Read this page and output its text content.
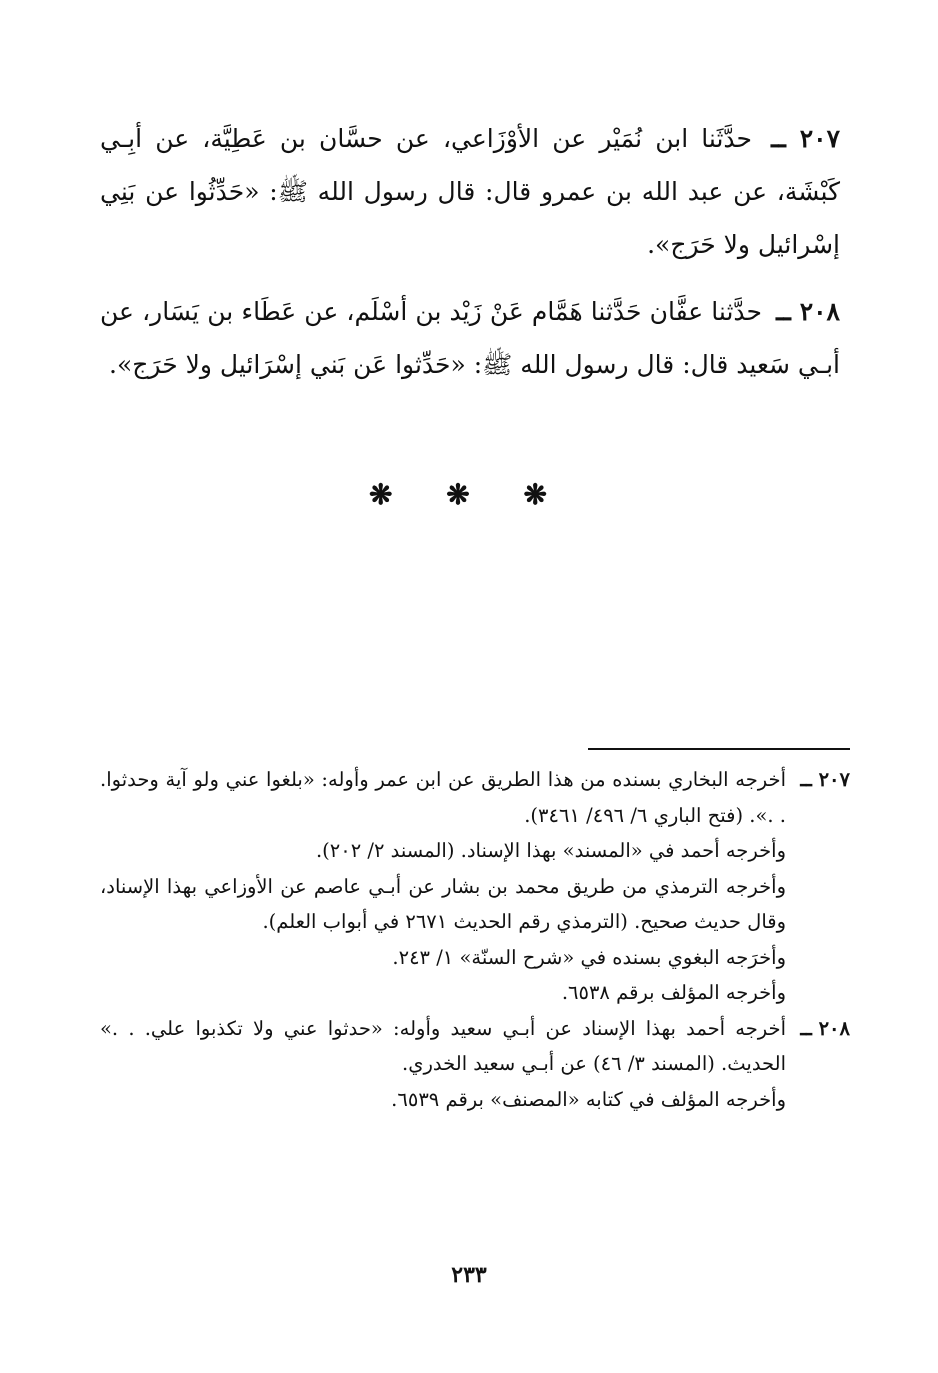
٢٠٧ ــ حدَّثَنا ابن نُمَيْر عن الأوْزَاعي، عن حسَّان بن عَطِيَّة، عن أبِـي كَبْشَة، عن عبد الله بن عمرو قال: قال رسول الله ﷺ: «حَدِّثُوا عن بَنِي إسْرائيل ولا حَرَج».

٢٠٨ ــ حدَّثنا عفَّان حَدَّثنا هَمَّام عَنْ زَيْد بن أسْلَم، عن عَطَاء بن يَسَار، عن أبـي سَعيد قال: قال رسول الله ﷺ: «حَدِّثوا عَن بَني إسْرَائيل ولا حَرَج».

❋ ❋ ❋
٢٠٧ ــ

أخرجه البخاري بسنده من هذا الطريق عن ابن عمر وأوله: «بلغوا عني ولو آية وحدثوا. . .». (فتح الباري ٦/ ٤٩٦/ ٣٤٦١).

وأخرجه أحمد في «المسند» بهذا الإسناد. (المسند ٢/ ٢٠٢).

وأخرجه الترمذي من طريق محمد بن بشار عن أبـي عاصم عن الأوزاعي بهذا الإسناد، وقال حديث صحيح. (الترمذي رقم الحديث ٢٦٧١ في أبواب العلم).

وأخرَجه البغوي بسنده في «شرح السنّة» ١/ ٢٤٣.

وأخرجه المؤلف برقم ٦٥٣٨.

٢٠٨ ــ

أخرجه أحمد بهذا الإسناد عن أبـي سعيد وأوله: «حدثوا عني ولا تكذبوا علي. . .» الحديث. (المسند ٣/ ٤٦) عن أبـي سعيد الخدري.

وأخرجه المؤلف في كتابه «المصنف» برقم ٦٥٣٩.

٢٣٣
